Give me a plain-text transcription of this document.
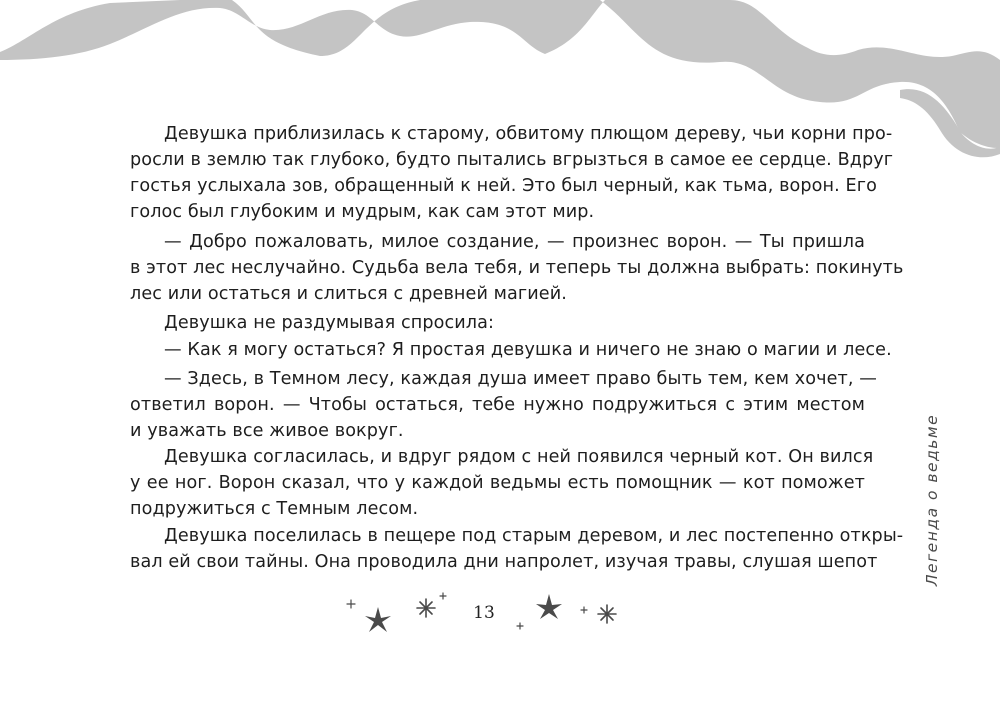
Девушка приблизилась к старому, обвитому плющом дереву, чьи корни про-
росли в землю так глубоко, будто пытались вгрызться в самое ее сердце. Вдруг
гостья услыхала зов, обращенный к ней. Это был черный, как тьма, ворон. Его
голос был глубоким и мудрым, как сам этот мир.
— Добро пожаловать, милое создание, — произнес ворон. — Ты пришла
в этот лес неслучайно. Судьба вела тебя, и теперь ты должна выбрать: покинуть
лес или остаться и слиться с древней магией.
Девушка не раздумывая спросила:
— Как я могу остаться? Я простая девушка и ничего не знаю о магии и лесе.
— Здесь, в Темном лесу, каждая душа имеет право быть тем, кем хочет, —
ответил ворон. — Чтобы остаться, тебе нужно подружиться с этим местом
и уважать все живое вокруг.
Девушка согласилась, и вдруг рядом с ней появился черный кот. Он вился
у ее ног. Ворон сказал, что у каждой ведьмы есть помощник — кот поможет
подружиться с Темным лесом.
Девушка поселилась в пещере под старым деревом, и лес постепенно откры-
вал ей свои тайны. Она проводила дни напролет, изучая травы, слушая шепот	Легенда о ведьме
13
